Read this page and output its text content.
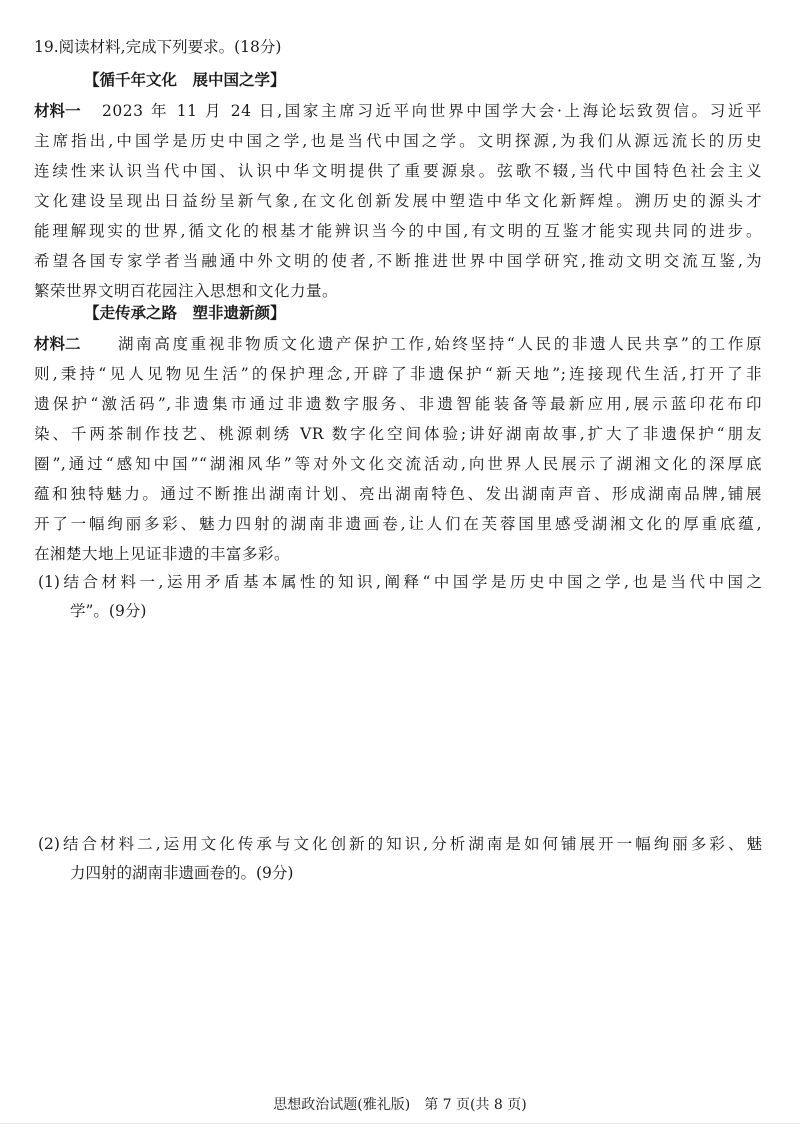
19.阅读材料,完成下列要求。(18分)
【循千年文化　展中国之学】
材料一	2023 年 11 月 24 日,国家主席习近平向世界中国学大会·上海论坛致贺信。习近平
主席指出,中国学是历史中国之学,也是当代中国之学。文明探源,为我们从源远流长的历史
连续性来认识当代中国、认识中华文明提供了重要源泉。弦歌不辍,当代中国特色社会主义
文化建设呈现出日益纷呈新气象,在文化创新发展中塑造中华文化新辉煌。溯历史的源头才
能理解现实的世界,循文化的根基才能辨识当今的中国,有文明的互鉴才能实现共同的进步。
希望各国专家学者当融通中外文明的使者,不断推进世界中国学研究,推动文明交流互鉴,为
繁荣世界文明百花园注入思想和文化力量。
【走传承之路　塑非遗新颜】
材料二	湖南高度重视非物质文化遗产保护工作,始终坚持“人民的非遗人民共享”的工作原
则,秉持“见人见物见生活”的保护理念,开辟了非遗保护“新天地”;连接现代生活,打开了非
遗保护“激活码”,非遗集市通过非遗数字服务、非遗智能装备等最新应用,展示蓝印花布印
染、千两茶制作技艺、桃源刺绣 VR 数字化空间体验;讲好湖南故事,扩大了非遗保护“朋友
圈”,通过“感知中国”“湖湘风华”等对外文化交流活动,向世界人民展示了湖湘文化的深厚底
蕴和独特魅力。通过不断推出湖南计划、亮出湖南特色、发出湖南声音、形成湖南品牌,铺展
开了一幅绚丽多彩、魅力四射的湖南非遗画卷,让人们在芙蓉国里感受湖湘文化的厚重底蕴,
在湘楚大地上见证非遗的丰富多彩。
(1)结合材料一,运用矛盾基本属性的知识,阐释“中国学是历史中国之学,也是当代中国之
学”。(9分)
(2)结合材料二,运用文化传承与文化创新的知识,分析湖南是如何铺展开一幅绚丽多彩、魅
力四射的湖南非遗画卷的。(9分)
思想政治试题(雅礼版)　第 7 页(共 8 页)
